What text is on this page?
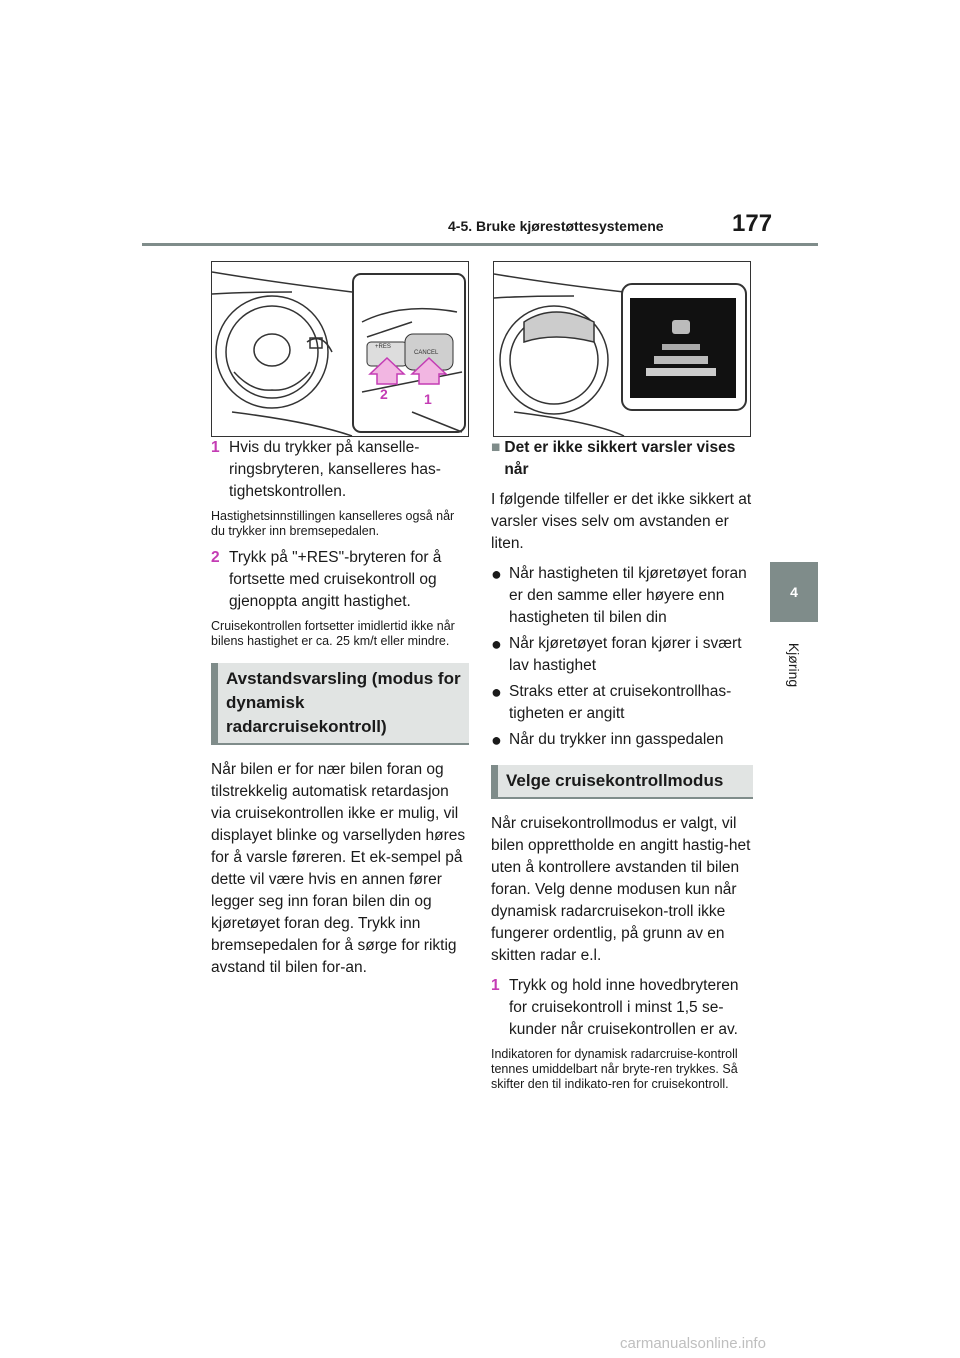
4-5. Bruke kjørestøttesystemene	177
4
Kjøring
+RES
CANCEL
2	1
1 Hvis du trykker på kanselle-ringsbryteren, kanselleres has-tighetskontrollen.
Hastighetsinnstillingen kanselleres også når du trykker inn bremsepedalen.
2 Trykk på "+RES"-bryteren for å fortsette med cruisekontroll og gjenoppta angitt hastighet.
Cruisekontrollen fortsetter imidlertid ikke når bilens hastighet er ca. 25 km/t eller mindre.
Avstandsvarsling (modus for dynamisk radarcruisekontroll)

Når bilen er for nær bilen foran og tilstrekkelig automatisk retardasjon via cruisekontrollen ikke er mulig, vil displayet blinke og varsellyden høres for å varsle føreren. Et ek-sempel på dette vil være hvis en annen fører legger seg inn foran bilen din og kjøretøyet foran deg. Trykk inn bremsepedalen for å sørge for riktig avstand til bilen for-an.

■ Det er ikke sikkert varsler vises når

I følgende tilfeller er det ikke sikkert at varsler vises selv om avstanden er liten.

● Når hastigheten til kjøretøyet foran er den samme eller høyere enn hastigheten til bilen din
● Når kjøretøyet foran kjører i svært lav hastighet
● Straks etter at cruisekontrollhas-tigheten er angitt
● Når du trykker inn gasspedalen
Velge cruisekontrollmodus

Når cruisekontrollmodus er valgt, vil bilen opprettholde en angitt hastig-het uten å kontrollere avstanden til bilen foran. Velg denne modusen kun når dynamisk radarcruisekon-troll ikke fungerer ordentlig, på grunn av en skitten radar e.l.

1 Trykk og hold inne hovedbryteren for cruisekontroll i minst 1,5 se-kunder når cruisekontrollen er av.
Indikatoren for dynamisk radarcruise-kontroll tennes umiddelbart når bryte-ren trykkes. Så skifter den til indikato-ren for cruisekontroll.
carmanualsonline.info
